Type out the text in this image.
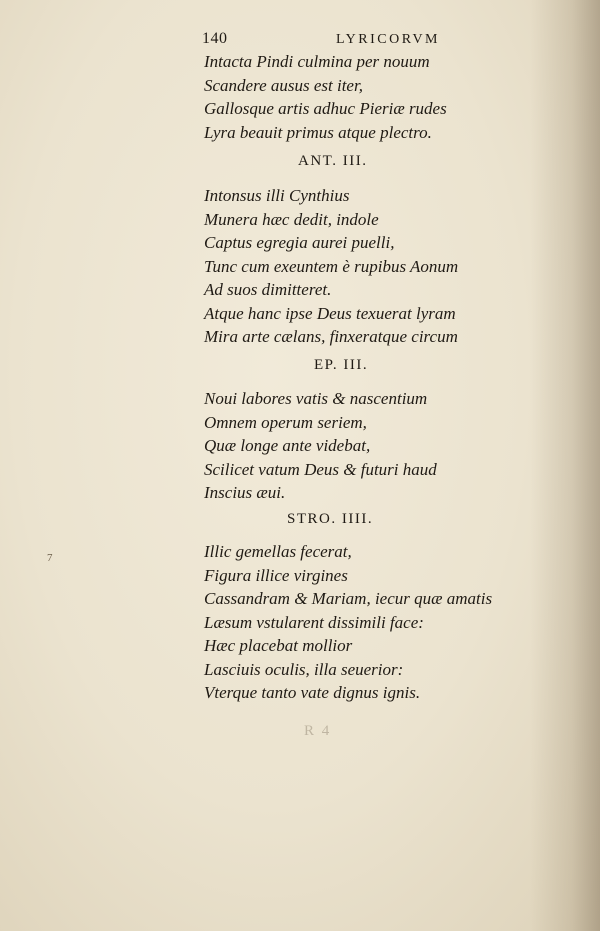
140	LYRICORVM
Intacta Pindi culmina per nouum
Scandere ausus est iter,
Gallosque artis adhuc Pieriæ rudes
Lyra beauit primus atque plectro.
ANT. III.
Intonsus illi Cynthius
Munera hæc dedit, indole
Captus egregia aurei puelli,
Tunc cum exeuntem è rupibus Aonum
Ad suos dimitteret.
Atque hanc ipse Deus texuerat lyram
Mira arte cælans, finxeratque circum
EP. III.
Noui labores vatis & nascentium
Omnem operum seriem,
Quæ longe ante videbat,
Scilicet vatum Deus & futuri haud
Inscius æui.
STRO. IIII.
7	Illic gemellas fecerat,
Figura illice virgines
Cassandram & Mariam, iecur quæ amatis
Læsum vstularent dissimili face:
Hæc placebat mollior
Lasciuis oculis, illa seuerior:
Vterque tanto vate dignus ignis.
R 4
